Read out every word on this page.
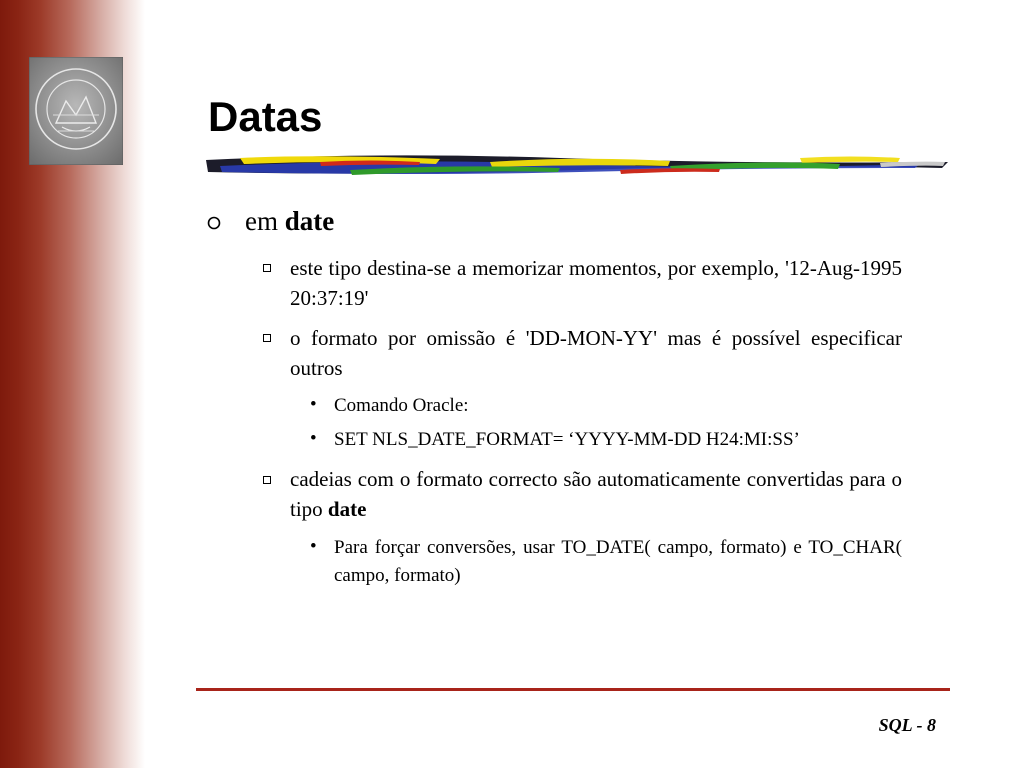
Datas
em date
este tipo destina-se a memorizar momentos, por exemplo, '12-Aug-1995 20:37:19'
o formato por omissão é 'DD-MON-YY' mas é possível especificar outros
• Comando Oracle:
• SET NLS_DATE_FORMAT= ‘YYYY-MM-DD H24:MI:SS’
cadeias com o formato correcto são automaticamente convertidas para o tipo date
• Para forçar conversões, usar TO_DATE( campo, formato) e TO_CHAR( campo, formato)
SQL - 8
